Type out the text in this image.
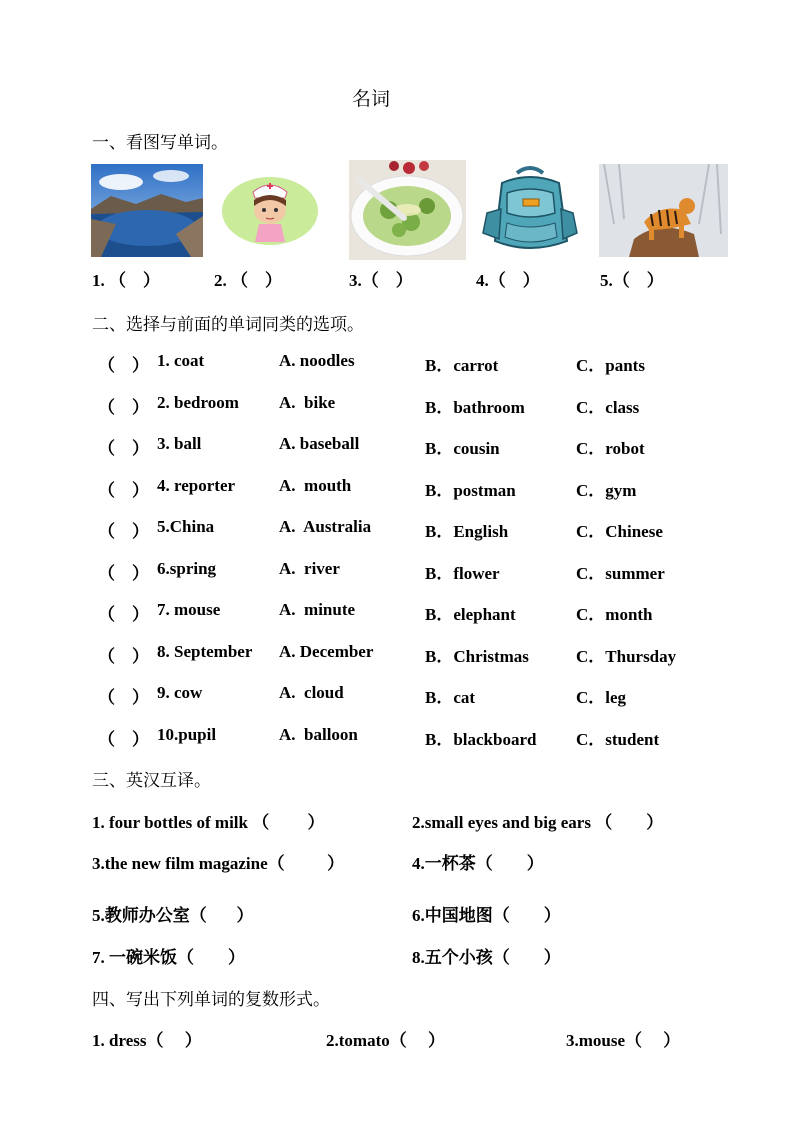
名词
一、看图写单词。
1. （    ）	2. （    ）	3.（    ）	4.（    ）	5.（    ）
二、选择与前面的单词同类的选项。
（    ） 1. coat	A. noodles	B．carrot	C．pants
（    ） 2. bedroom A.  bike	B．bathroom	C．class
（    ） 3. ball	A. baseball	B．cousin	C．robot
（    ） 4. reporter	A.  mouth	B．postman	C．gym
（    ） 5.China	A.  Australia	B．English	C．Chinese
（    ） 6.spring	A.  river	B．flower	C．summer
（    ） 7. mouse	A.  minute	B．elephant	C．month
（    ） 8. September A. December	B．Christmas	C．Thursday
（    ） 9. cow	A.  cloud	B．cat	C．leg
（    ） 10.pupil	A.  balloon	B．blackboard C．student
三、英汉互译。
1. four bottles of milk （         ）	2.small eyes and big ears （        ）
3.the new film magazine（          ）	4.一杯茶（        ）
5.教师办公室（       ）	6.中国地图（        ）
7. 一碗米饭（        ）	8.五个小孩（        ）
四、写出下列单词的复数形式。
1. dress（     ）	2.tomato（     ）	3.mouse（     ）
